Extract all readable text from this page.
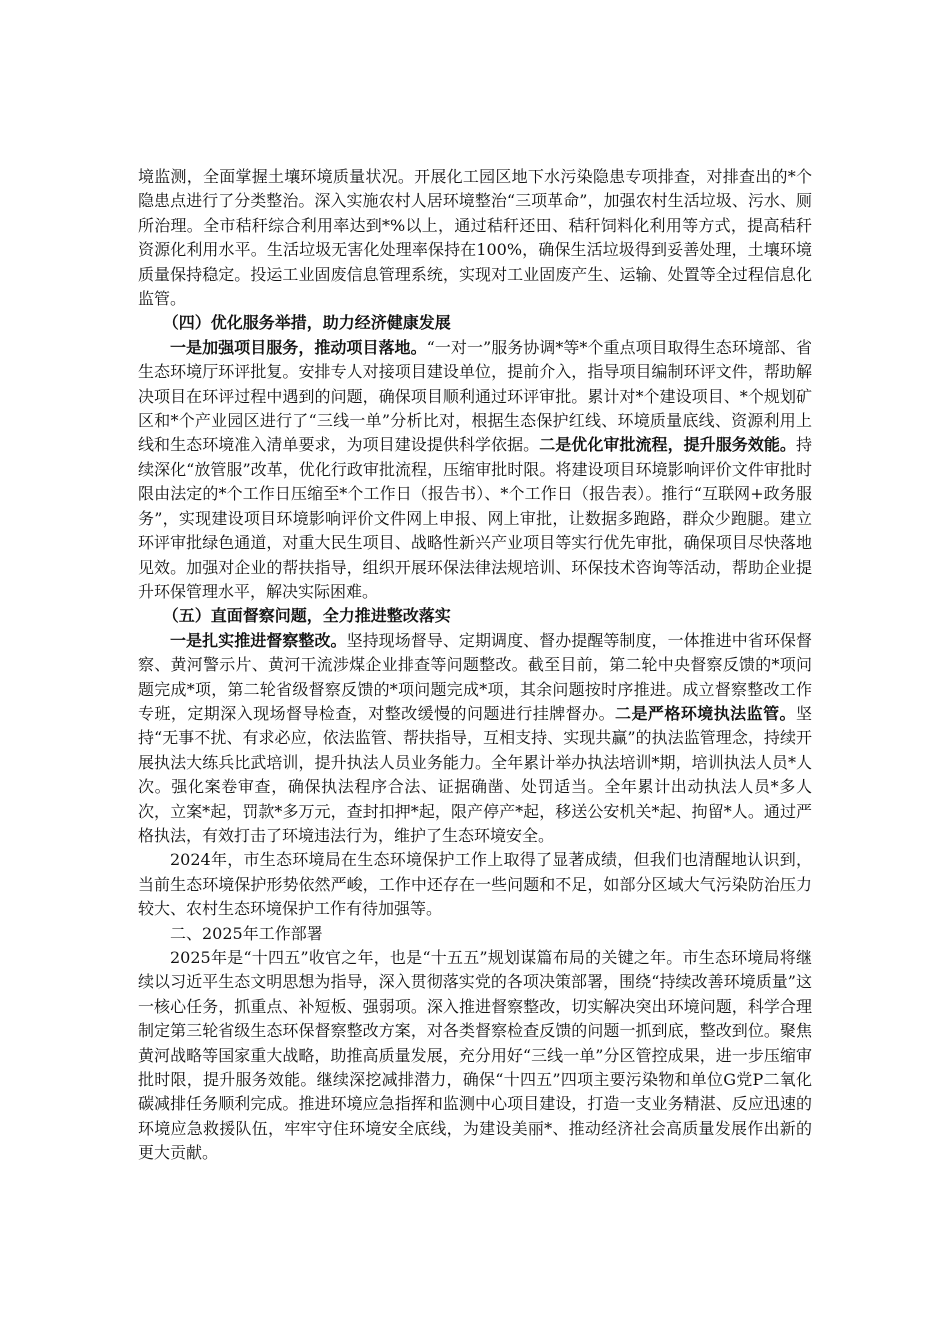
境监测，全面掌握土壤环境质量状况。开展化工园区地下水污染隐患专项排查，对排查出的*个隐患点进行了分类整治。深入实施农村人居环境整治“三项革命”，加强农村生活垃圾、污水、厕所治理。全市秸秆综合利用率达到*%以上，通过秸秆还田、秸秆饲料化利用等方式，提高秸秆资源化利用水平。生活垃圾无害化处理率保持在100%，确保生活垃圾得到妥善处理，土壤环境质量保持稳定。投运工业固废信息管理系统，实现对工业固废产生、运输、处置等全过程信息化监管。

（四）优化服务举措，助力经济健康发展

一是加强项目服务，推动项目落地。“一对一”服务协调*等*个重点项目取得生态环境部、省生态环境厅环评批复。安排专人对接项目建设单位，提前介入，指导项目编制环评文件，帮助解决项目在环评过程中遇到的问题，确保项目顺利通过环评审批。累计对*个建设项目、*个规划矿区和*个产业园区进行了“三线一单”分析比对，根据生态保护红线、环境质量底线、资源利用上线和生态环境准入清单要求，为项目建设提供科学依据。二是优化审批流程，提升服务效能。持续深化“放管服”改革，优化行政审批流程，压缩审批时限。将建设项目环境影响评价文件审批时限由法定的*个工作日压缩至*个工作日（报告书）、*个工作日（报告表）。推行“互联网+政务服务”，实现建设项目环境影响评价文件网上申报、网上审批，让数据多跑路，群众少跑腿。建立环评审批绿色通道，对重大民生项目、战略性新兴产业项目等实行优先审批，确保项目尽快落地见效。加强对企业的帮扶指导，组织开展环保法律法规培训、环保技术咨询等活动，帮助企业提升环保管理水平，解决实际困难。

（五）直面督察问题，全力推进整改落实

一是扎实推进督察整改。坚持现场督导、定期调度、督办提醒等制度，一体推进中省环保督察、黄河警示片、黄河干流涉煤企业排查等问题整改。截至目前，第二轮中央督察反馈的*项问题完成*项，第二轮省级督察反馈的*项问题完成*项，其余问题按时序推进。成立督察整改工作专班，定期深入现场督导检查，对整改缓慢的问题进行挂牌督办。二是严格环境执法监管。坚持“无事不扰、有求必应，依法监管、帮扶指导，互相支持、实现共赢”的执法监管理念，持续开展执法大练兵比武培训，提升执法人员业务能力。全年累计举办执法培训*期，培训执法人员*人次。强化案卷审查，确保执法程序合法、证据确凿、处罚适当。全年累计出动执法人员*多人次，立案*起，罚款*多万元，查封扣押*起，限产停产*起，移送公安机关*起、拘留*人。通过严格执法，有效打击了环境违法行为，维护了生态环境安全。

2024年，市生态环境局在生态环境保护工作上取得了显著成绩，但我们也清醒地认识到，当前生态环境保护形势依然严峻，工作中还存在一些问题和不足，如部分区域大气污染防治压力较大、农村生态环境保护工作有待加强等。

二、2025年工作部署

2025年是“十四五”收官之年，也是“十五五”规划谋篇布局的关键之年。市生态环境局将继续以习近平生态文明思想为指导，深入贯彻落实党的各项决策部署，围绕“持续改善环境质量”这一核心任务，抓重点、补短板、强弱项。深入推进督察整改，切实解决突出环境问题，科学合理制定第三轮省级生态环保督察整改方案，对各类督察检查反馈的问题一抓到底，整改到位。聚焦黄河战略等国家重大战略，助推高质量发展，充分用好“三线一单”分区管控成果，进一步压缩审批时限，提升服务效能。继续深挖减排潜力，确保“十四五”四项主要污染物和单位G党P二氧化碳减排任务顺利完成。推进环境应急指挥和监测中心项目建设，打造一支业务精湛、反应迅速的环境应急救援队伍，牢牢守住环境安全底线，为建设美丽*、推动经济社会高质量发展作出新的更大贡献。
